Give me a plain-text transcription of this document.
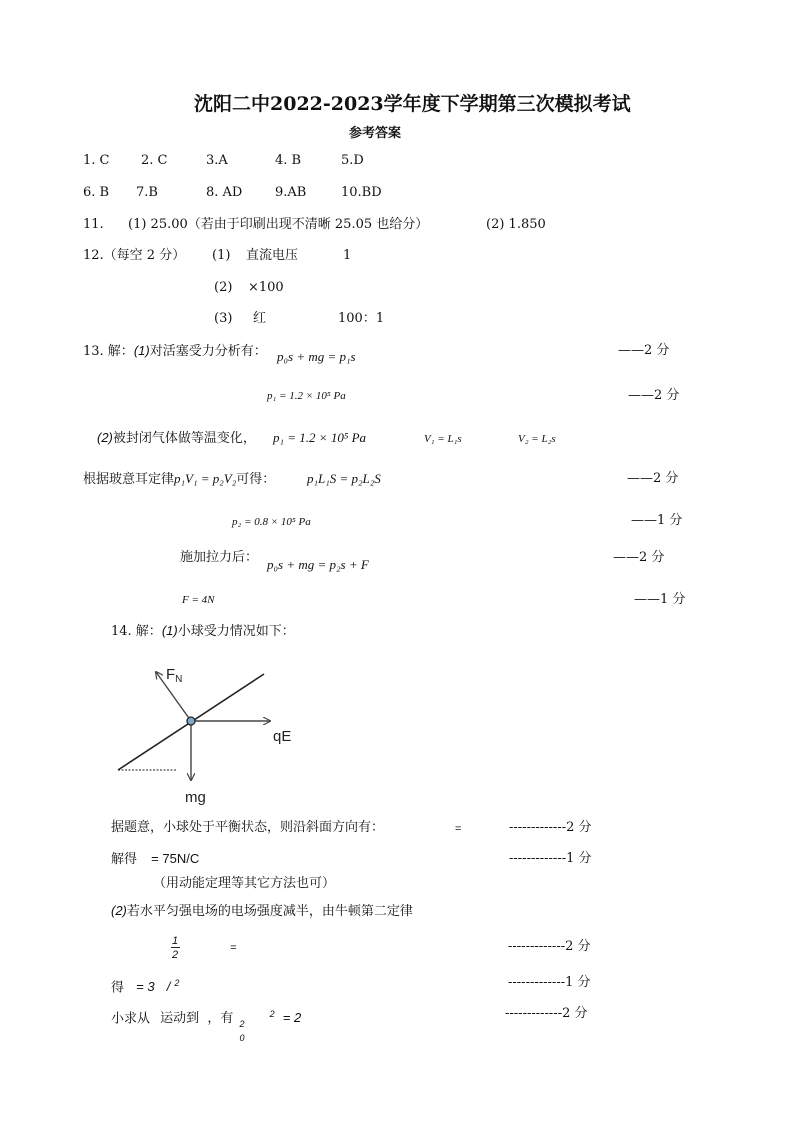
沈阳二中2022-2023学年度下学期第三次模拟考试
参考答案
1. C 2. C	3.A	4. B	5.D
6. B 7.B	8. AD	9.AB	10.BD
11. (1) 25.00（若由于印刷出现不清晰 25.05 也给分）	(2) 1.850
12.（每空 2 分） (1) 直流电压	1
(2) ×100
(3) 红	100：1
13. 解：(1)对活塞受力分析有： p₀s + mg = p₁s	——2 分
p₁ = 1.2 × 10⁵ Pa	——2 分
(2)被封闭气体做等温变化， p₁ = 1.2 × 10⁵ Pa	V₁ = L₁s	V₂ = L₂s
根据玻意耳定律p₁V₁ = p₂V₂可得： p₁L₁S = p₂L₂S	——2 分
p₂ = 0.8 × 10⁵ Pa	——1 分
施加拉力后： p₀s + mg = p₂s + F	——2 分
F = 4N	——1 分
14. 解：(1)小球受力情况如下：
$F_N$
qE
mg
据题意，小球处于平衡状态，则沿斜面方向有：	=	-------------2 分
解得 = 75N/C	-------------1 分
（用动能定理等其它方法也可）
(2)若水平匀强电场的电场强度减半，由牛顿第二定律
1
2
=	-------------2 分
得 = 3 / $^2$	-------------1 分
小求从 运动到 ，有 2
0
$^2$ = 2	-------------2 分
